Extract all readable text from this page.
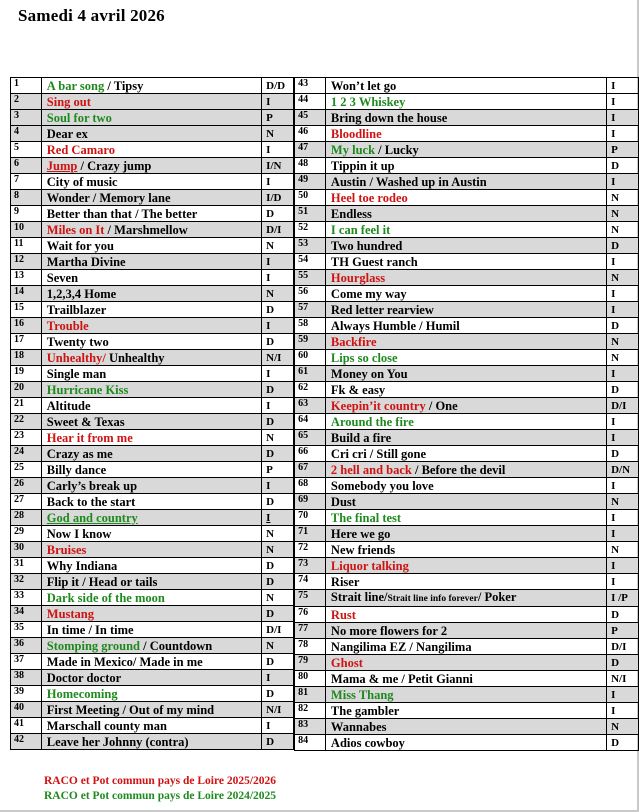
Samedi 4 avril 2026
1	A bar song / Tipsy	D/D
2	Sing out	I
3	Soul for two	P
4	Dear ex	N
5	Red Camaro	I
6	Jump / Crazy jump	I/N
7	City of music	I
8	Wonder / Memory lane	I/D
9	Better than that / The better	D
10	Miles on It / Marshmellow	D/I
11	Wait for you	N
12	Martha Divine	I
13	Seven	I
14	1,2,3,4 Home	N
15	Trailblazer	D
16	Trouble	I
17	Twenty two	D
18	Unhealthy/ Unhealthy	N/I
19	Single man	I
20	Hurricane Kiss	D
21	Altitude	I
22	Sweet & Texas	D
23	Hear it from me	N
24	Crazy as me	D
25	Billy dance	P
26	Carly’s break up	I
27	Back to the start	D
28	God and country	I
29	Now I know	N
30	Bruises	N
31	Why Indiana	D
32	Flip it / Head or tails	D
33	Dark side of the moon	N
34	Mustang	D
35	In time / In time	D/I
36	Stomping ground / Countdown	N
37	Made in Mexico/ Made in me	D
38	Doctor doctor	I
39	Homecoming	D
40	First Meeting / Out of my mind	N/I
41	Marschall county man	I
42	Leave her Johnny (contra)	D
43	Won’t let go	I
44	1 2 3 Whiskey	I
45	Bring down the house	I
46	Bloodline	I
47	My luck / Lucky	P
48	Tippin it up	D
49	Austin / Washed up in Austin	I
50	Heel toe rodeo	N
51	Endless	N
52	I can feel it	N
53	Two hundred	D
54	TH Guest ranch	I
55	Hourglass	N
56	Come my way	I
57	Red letter rearview	I
58	Always Humble / Humil	D
59	Backfire	N
60	Lips so close	N
61	Money on You	I
62	Fk & easy	D
63	Keepin’it country / One	D/I
64	Around the fire	I
65	Build a fire	I
66	Cri cri / Still gone	D
67	2 hell and back / Before the devil	D/N
68	Somebody you love	I
69	Dust	N
70	The final test	I
71	Here we go	I
72	New friends	N
73	Liquor talking	I
74	Riser	I
75	Strait line/Strait line info forever/ Poker	I /P
76	Rust	D
77	No more flowers for 2	P
78	Nangilima EZ / Nangilima	D/I
79	Ghost	D
80	Mama & me / Petit Gianni	N/I
81	Miss Thang	I
82	The gambler	I
83	Wannabes	N
84	Adios cowboy	D
RACO et Pot commun pays de Loire 2025/2026
RACO et Pot commun pays de Loire 2024/2025
